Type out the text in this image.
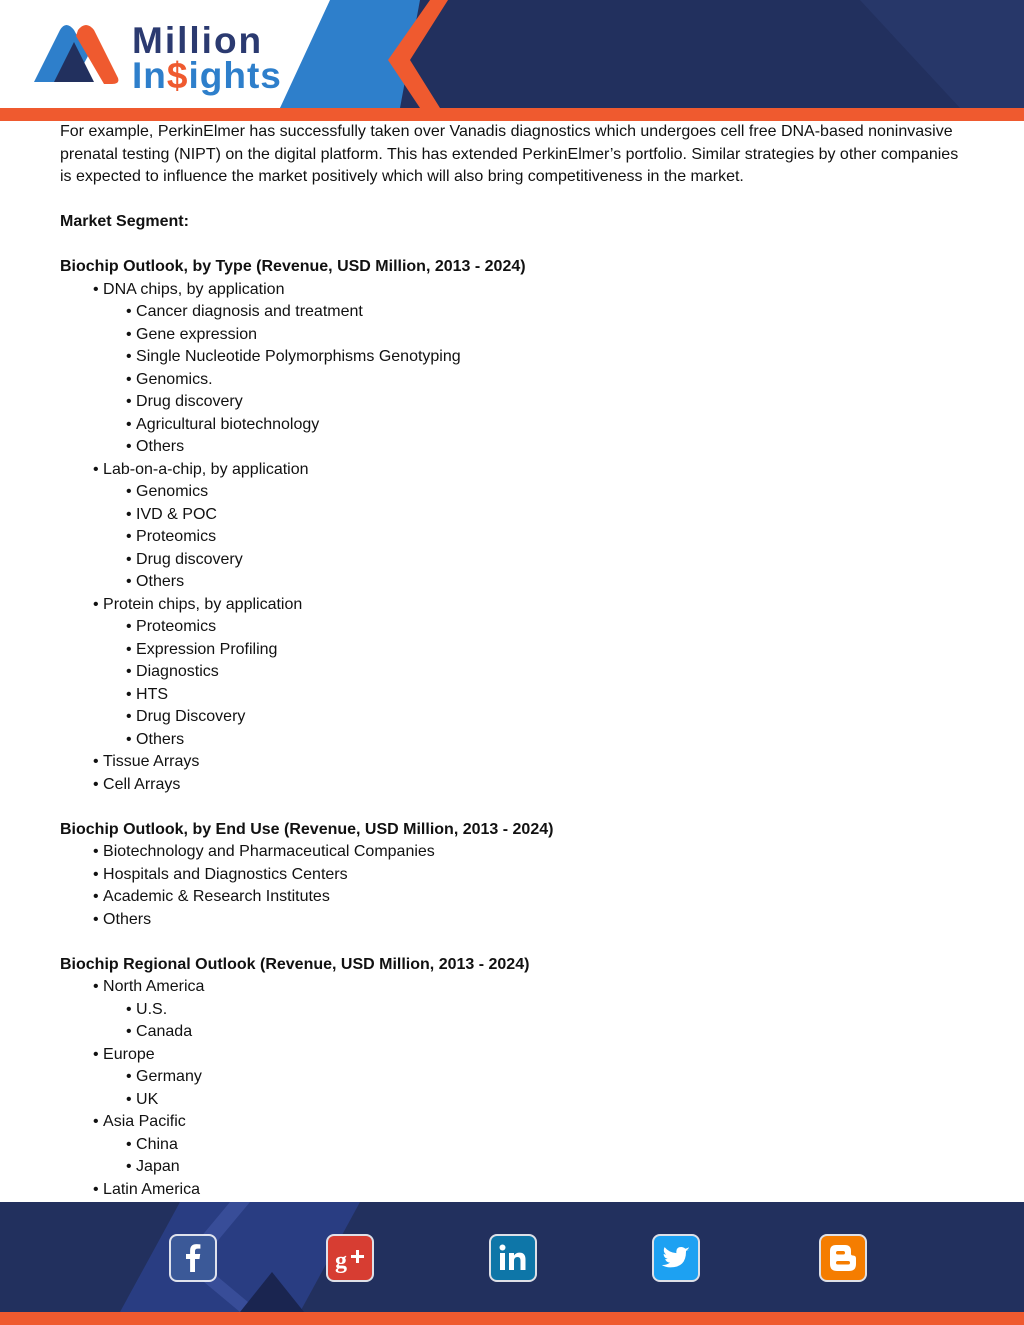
Million
In$ights

For example, PerkinElmer has successfully taken over Vanadis diagnostics which undergoes cell free DNA-based noninvasive prenatal testing (NIPT) on the digital platform. This has extended PerkinElmer’s portfolio. Similar strategies by other companies is expected to influence the market positively which will also bring competitiveness in the market.

Market Segment:

Biochip Outlook, by Type (Revenue, USD Million, 2013 - 2024)

• DNA chips, by application
• Cancer diagnosis and treatment
• Gene expression
• Single Nucleotide Polymorphisms Genotyping
• Genomics.
• Drug discovery
• Agricultural biotechnology
• Others
• Lab-on-a-chip, by application
• Genomics
• IVD & POC
• Proteomics
• Drug discovery
• Others
• Protein chips, by application
• Proteomics
• Expression Profiling
• Diagnostics
• HTS
• Drug Discovery
• Others
• Tissue Arrays
• Cell Arrays

Biochip Outlook, by End Use (Revenue, USD Million, 2013 - 2024)

• Biotechnology and Pharmaceutical Companies
• Hospitals and Diagnostics Centers
• Academic & Research Institutes
• Others

Biochip Regional Outlook (Revenue, USD Million, 2013 - 2024)

• North America
• U.S.
• Canada
• Europe
• Germany
• UK
• Asia Pacific
• China
• Japan
• Latin America
g
